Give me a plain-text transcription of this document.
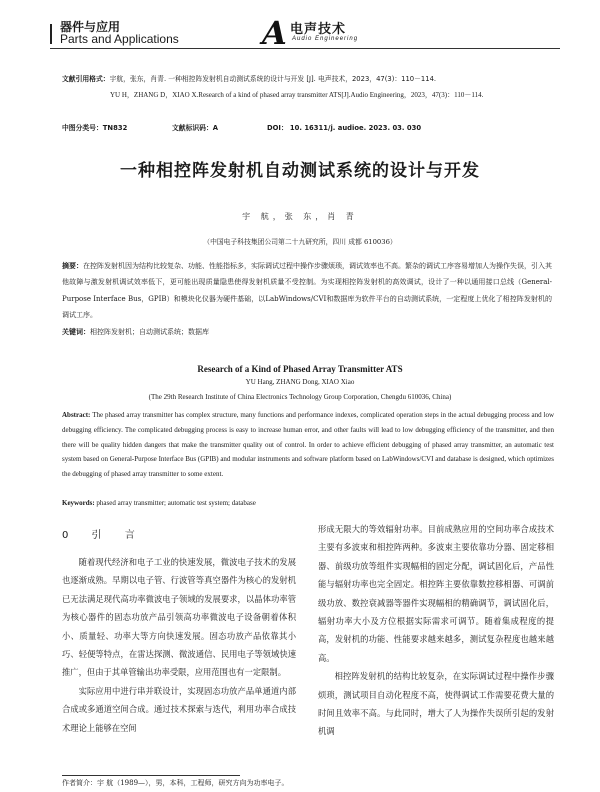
器件与应用
Parts and Applications	A 电声技术
Audio Engineering
文献引用格式：宇航，张东，肖青. 一种相控阵发射机自动测试系统的设计与开发 [J]. 电声技术，2023，47(3)：110－114.
YU H，ZHANG D，XIAO X.Research of a kind of phased array transmitter ATS[J].Audio Engineering，2023，47(3)：110－114.
中图分类号：TN832	文献标识码：A	DOI： 10. 16311/j. audioe. 2023. 03. 030
一种相控阵发射机自动测试系统的设计与开发
宇 航，张 东，肖 青
（中国电子科技集团公司第二十九研究所，四川 成都 610036）
摘要：在控阵发射机因为结构比较复杂、功能、性能指标多，实际调试过程中操作步骤烦琐，调试效率也不高。繁杂的调试工序容易增加人为操作失误，引入其他故障与激发射机调试效率低下，更可能出现质量隐患使得发射机质量不受控制。为实现相控阵发射机的高效调试，设计了一种以通用接口总线（General-Purpose Interface Bus，GPIB）和模块化仪器为硬件基础，以LabWindows/CVI和数据库为软件平台的自动测试系统，一定程度上优化了相控阵发射机的调试工序。
关键词：相控阵发射机；自动测试系统；数据库
Research of a Kind of Phased Array Transmitter ATS
YU Hang, ZHANG Dong, XIAO Xiao
(The 29th Research Institute of China Electronics Technology Group Corporation, Chengdu 610036, China)
Abstract: The phased array transmitter has complex structure, many functions and performance indexes, complicated operation steps in the actual debugging process and low debugging efficiency. The complicated debugging process is easy to increase human error, and other faults will lead to low debugging efficiency of the transmitter, and then there will be quality hidden dangers that make the transmitter quality out of control. In order to achieve efficient debugging of phased array transmitter, an automatic test system based on General-Purpose Interface Bus (GPIB) and modular instruments and software platform based on LabWindows/CVI and database is designed, which optimizes the debugging of phased array transmitter to some extent.
Keywords: phased array transmitter; automatic test system; database
0 引 言

随着现代经济和电子工业的快速发展，微波电子技术的发展也逐渐成熟。早期以电子管、行波管等真空器件为核心的发射机已无法满足现代高功率微波电子领域的发展要求，以晶体功率管为核心器件的固态功放产品引领高功率微波电子设备朝着体积小、质量轻、功率大等方向快速发展。固态功放产品依靠其小巧、轻便等特点，在雷达探测、微波通信、民用电子等领域快速推广，但由于其单管输出功率受限，应用范围也有一定限制。

实际应用中进行串并联设计，实现固态功放产品单通道内部合成或多通道空间合成。通过技术探索与迭代，利用功率合成技术理论上能够在空间

形成无限大的等效辐射功率。目前成熟应用的空间功率合成技术主要有多波束和相控阵两种。多波束主要依靠功分器、固定移相器、前级功放等组件实现幅相的固定分配，调试固化后，产品性能与辐射功率也完全固定。相控阵主要依靠数控移相器、可调前级功放、数控衰减器等器件实现幅相的精确调节，调试固化后，辐射功率大小及方位根据实际需求可调节。随着集成程度的提高，发射机的功能、性能要求越来越多，测试复杂程度也越来越高。

相控阵发射机的结构比较复杂，在实际调试过程中操作步骤烦琐，测试项目自动化程度不高，使得调试工作需要花费大量的时间且效率不高。与此同时，增大了人为操作失误所引起的发射机调

作者简介：宇 航（1989—），男，本科，工程师，研究方向为功率电子。
